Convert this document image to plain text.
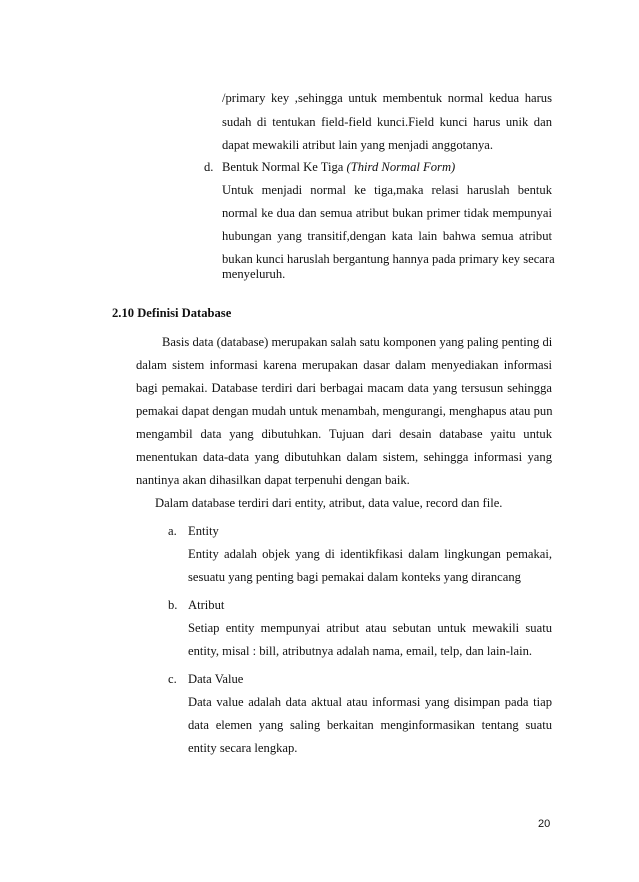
/primary key ,sehingga untuk membentuk normal kedua harus

sudah di tentukan field-field kunci.Field kunci harus unik dan

dapat mewakili atribut lain yang menjadi anggotanya.

d. Bentuk Normal Ke Tiga (Third Normal Form)

Untuk menjadi normal ke tiga,maka relasi haruslah bentuk

normal ke dua dan semua atribut bukan primer tidak mempunyai

hubungan yang transitif,dengan kata lain bahwa semua atribut

bukan kunci haruslah bergantung hannya pada primary key secara

menyeluruh.

2.10 Definisi Database

Basis data (database) merupakan salah satu komponen yang paling penting di

dalam sistem informasi karena merupakan dasar dalam menyediakan informasi

bagi pemakai. Database terdiri dari berbagai macam data yang tersusun sehingga

pemakai dapat dengan mudah untuk menambah, mengurangi, menghapus atau pun

mengambil data yang dibutuhkan. Tujuan dari desain database yaitu untuk

menentukan data-data yang dibutuhkan dalam sistem, sehingga informasi yang

nantinya akan dihasilkan dapat terpenuhi dengan baik.

Dalam database terdiri dari entity, atribut, data value, record dan file.

a. Entity

Entity adalah objek yang di identikfikasi dalam lingkungan pemakai,

sesuatu yang penting bagi pemakai dalam konteks yang dirancang

b. Atribut

Setiap entity mempunyai atribut atau sebutan untuk mewakili suatu

entity, misal : bill, atributnya adalah nama, email, telp, dan lain-lain.

c. Data Value

Data value adalah data aktual atau informasi yang disimpan pada tiap

data elemen yang saling berkaitan menginformasikan tentang suatu

entity secara lengkap.

20
